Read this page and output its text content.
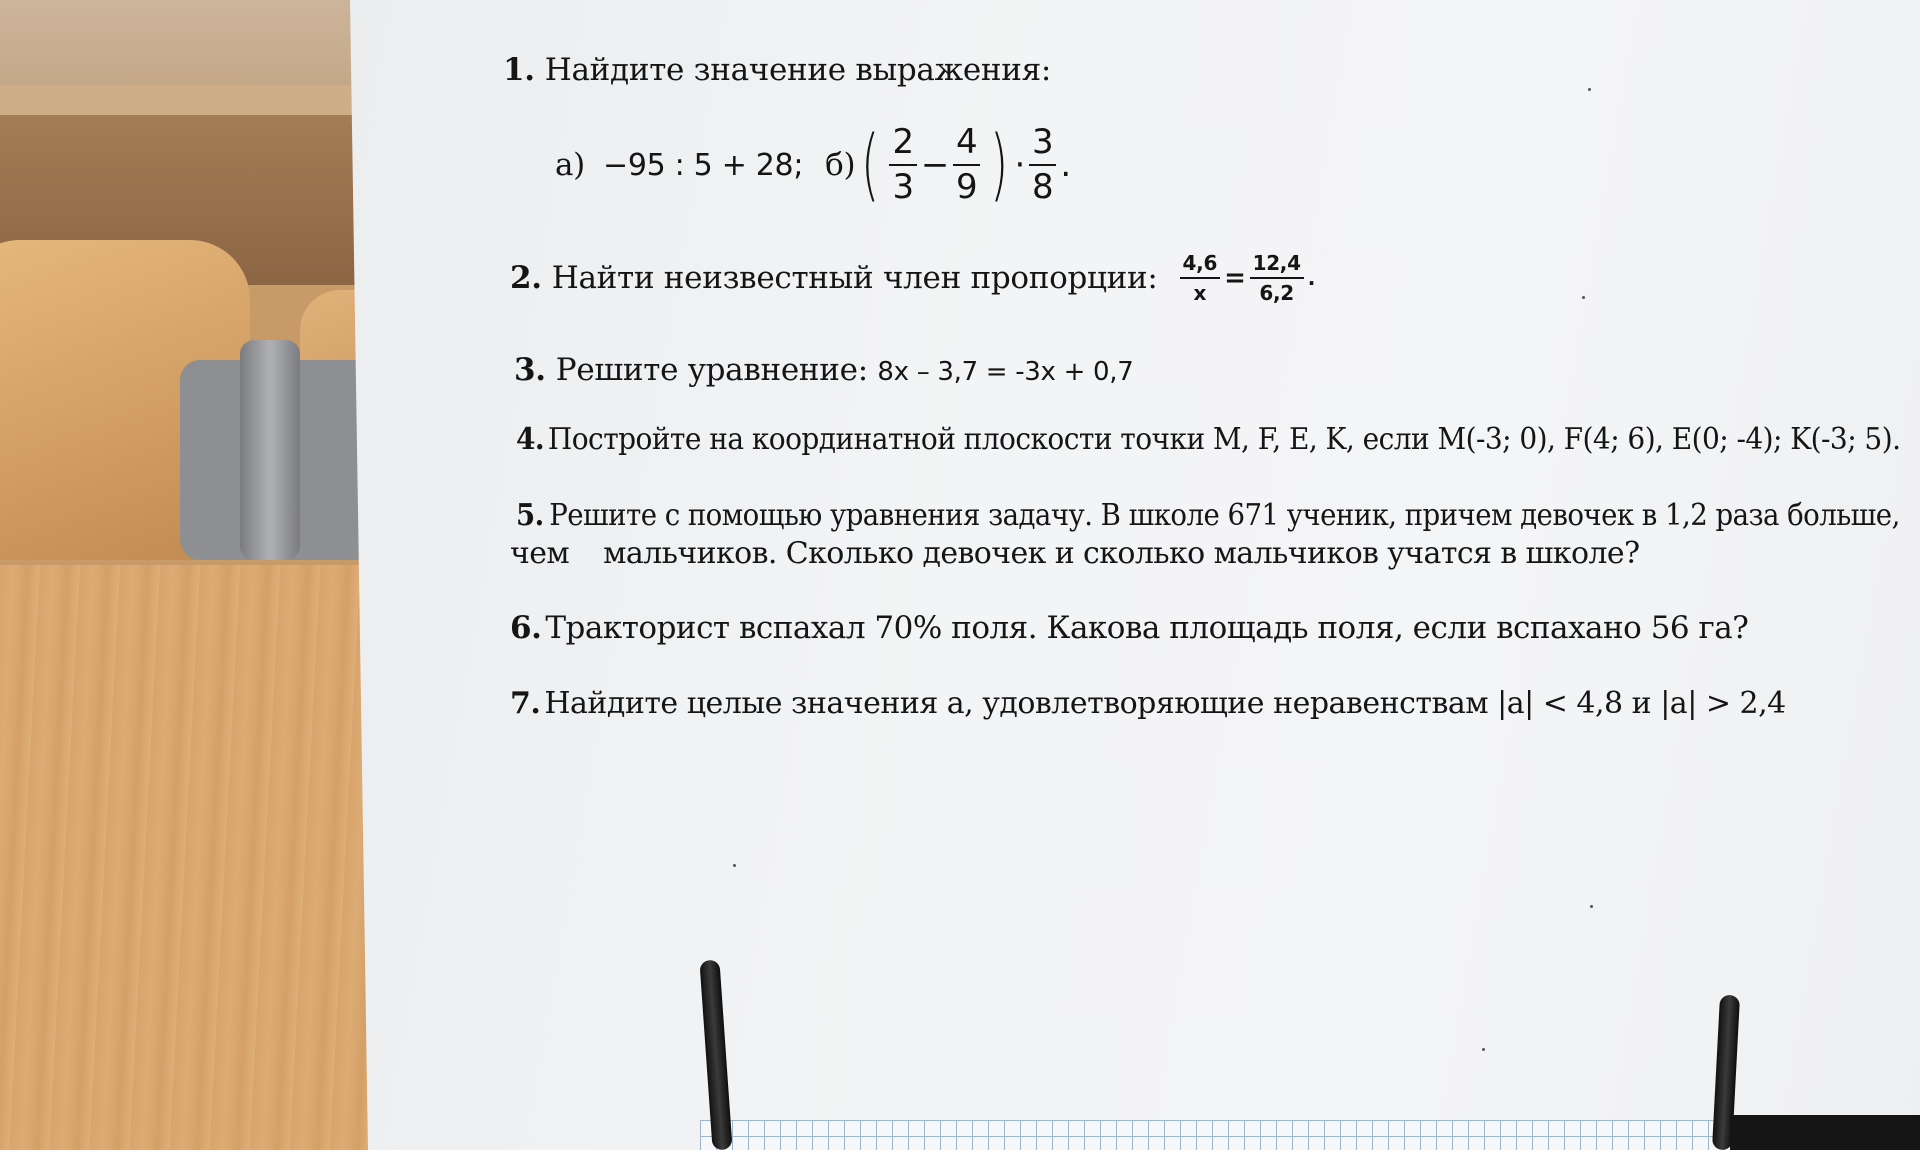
1. Найдите значение выражения:
а) −95 : 5 + 28; б) ( $\frac{2}{3} - \frac{4}{9}$ ) · $\frac{3}{8}$ .
2. Найти неизвестный член пропорции: $\frac{4,6}{x} = \frac{12,4}{6,2}$ .
3. Решите уравнение: 8x – 3,7 = -3x + 0,7
4. Постройте на координатной плоскости точки M, F, E, K, если M(-3; 0), F(4; 6), E(0; -4); K(-3; 5).
5. Решите с помощью уравнения задачу. В школе 671 ученик, причем девочек в 1,2 раза больше,
чем мальчиков. Сколько девочек и сколько мальчиков учатся в школе?
6. Тракторист вспахал 70% поля. Какова площадь поля, если вспахано 56 га?
7. Найдите целые значения а, удовлетворяющие неравенствам |a| < 4,8 и |a| > 2,4
